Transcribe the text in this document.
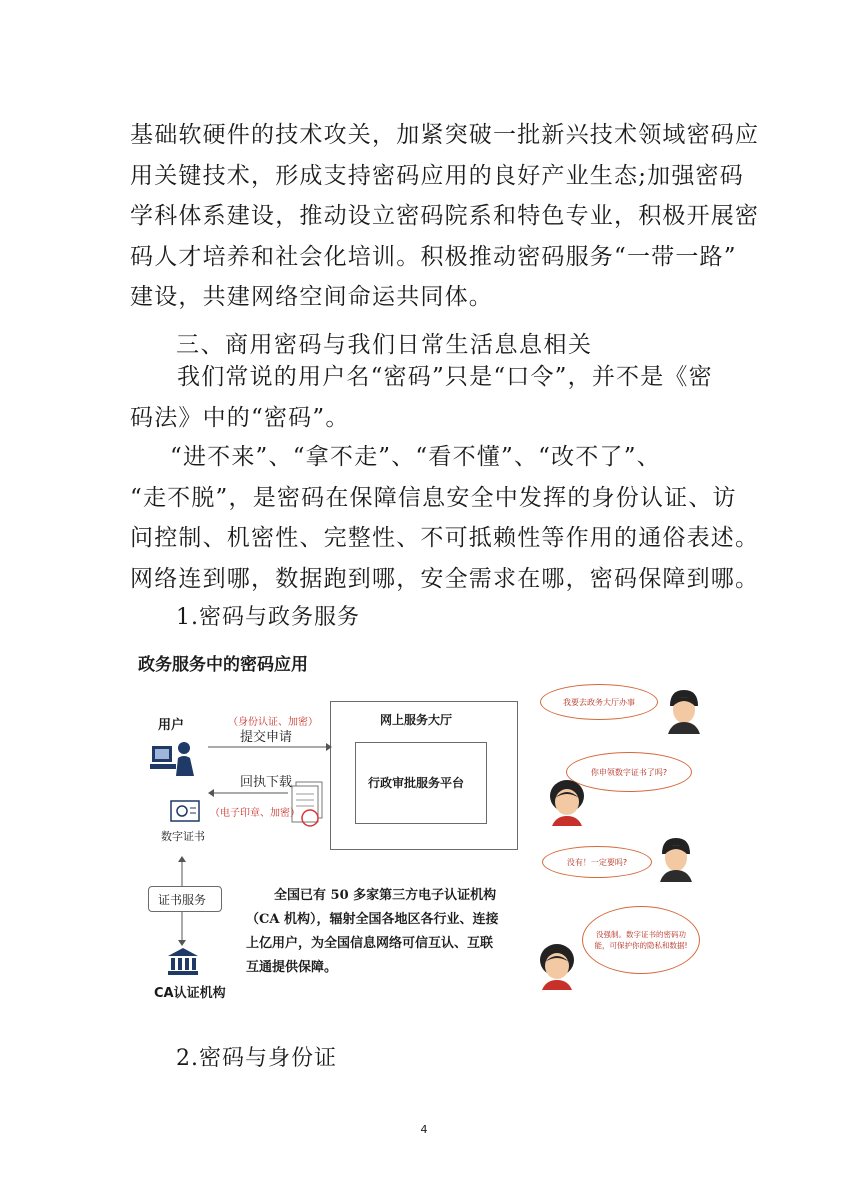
基础软硬件的技术攻关，加紧突破一批新兴技术领域密码应
用关键技术，形成支持密码应用的良好产业生态;加强密码
学科体系建设，推动设立密码院系和特色专业，积极开展密
码人才培养和社会化培训。积极推动密码服务“一带一路”
建设，共建网络空间命运共同体。
三、商用密码与我们日常生活息息相关
我们常说的用户名“密码”只是“口令”，并不是《密
码法》中的“密码”。
“进不来”、“拿不走”、“看不懂”、“改不了”、
“走不脱”，是密码在保障信息安全中发挥的身份认证、访
问控制、机密性、完整性、不可抵赖性等作用的通俗表述。
网络连到哪，数据跑到哪，安全需求在哪，密码保障到哪。
1.密码与政务服务
政务服务中的密码应用
网上服务大厅
行政审批服务平台
用户	（身份认证、加密）
提交申请
回执下载
（电子印章、加密）
数字证书
证书服务
CA认证机构
全国已有 50 多家第三方电子认证机构
（CA 机构），辐射全国各地区各行业、连接
上亿用户，为全国信息网络可信互认、互联
互通提供保障。
我要去政务大厅办事
你申领数字证书了吗?
没有！一定要吗?
没强制。数字证书的密码功能，可保护你的隐私和数据!
2.密码与身份证
4
